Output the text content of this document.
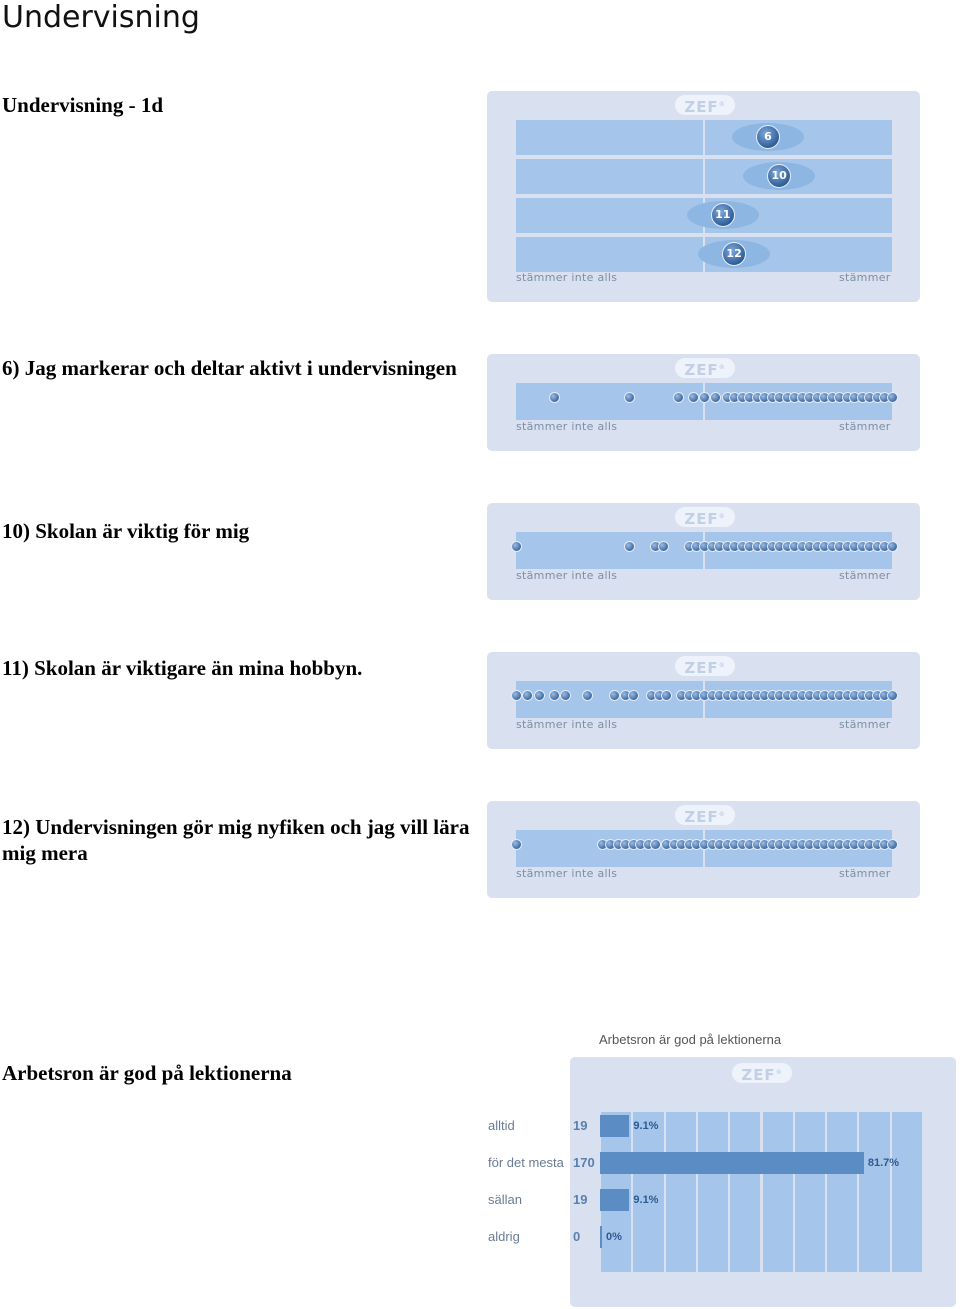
Undervisning
Undervisning - 1d	ZEF®
6
10
11
12
stämmer inte alls	stämmer
6) Jag markerar och deltar aktivt i undervisningen	ZEF®
stämmer inte alls	stämmer
10) Skolan är viktig för mig	ZEF®
stämmer inte alls	stämmer
11) Skolan är viktigare än mina hobbyn.	ZEF®
stämmer inte alls	stämmer
12) Undervisningen gör mig nyfiken och jag vill lära mig mera
ZEF®
stämmer inte alls	stämmer
Arbetsron är god på lektionerna
Arbetsron är god på lektionerna
ZEF®
alltid	19	9.1%
för det mesta 170	81.7%
sällan	19	9.1%
aldrig	0 0%
